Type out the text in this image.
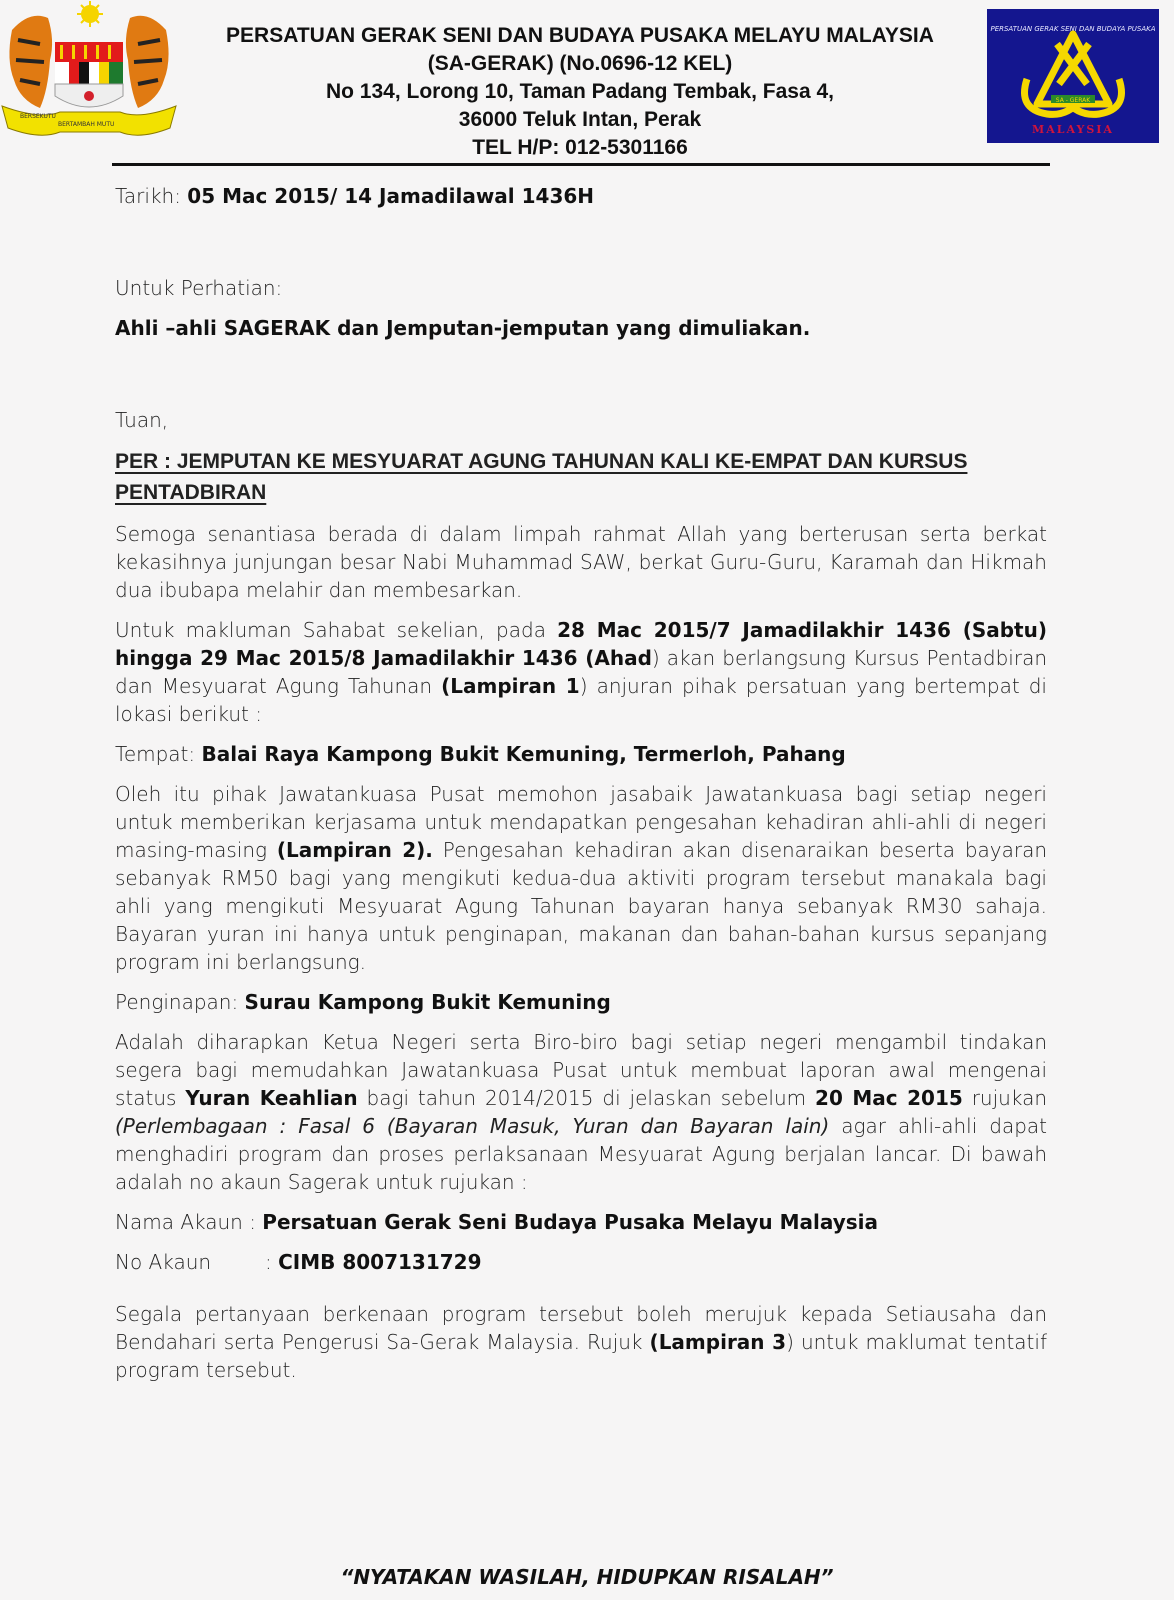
BERSEKUTU
BERTAMBAH MUTU
PERSATUAN GERAK SENI DAN BUDAYA PUSAKA
SA - GERAK
MALAYSIA
PERSATUAN GERAK SENI DAN BUDAYA PUSAKA MELAYU MALAYSIA
(SA-GERAK) (No.0696-12 KEL)
No 134, Lorong 10, Taman Padang Tembak, Fasa 4,
36000 Teluk Intan, Perak
TEL H/P: 012-5301166

Tarikh: 05 Mac 2015/ 14 Jamadilawal 1436H

Untuk Perhatian:

Ahli –ahli SAGERAK dan Jemputan-jemputan yang dimuliakan.

Tuan,

PER : JEMPUTAN KE MESYUARAT AGUNG TAHUNAN KALI KE-EMPAT DAN KURSUS
PENTADBIRAN

Semoga senantiasa berada di dalam limpah rahmat Allah yang berterusan serta berkat kekasihnya junjungan besar Nabi Muhammad SAW, berkat Guru-Guru, Karamah dan Hikmah dua ibubapa melahir dan membesarkan.

Untuk makluman Sahabat sekelian, pada 28 Mac 2015/7 Jamadilakhir 1436 (Sabtu) hingga 29 Mac 2015/8 Jamadilakhir 1436 (Ahad) akan berlangsung Kursus Pentadbiran dan Mesyuarat Agung Tahunan (Lampiran 1) anjuran pihak persatuan yang bertempat di lokasi berikut :

Tempat: Balai Raya Kampong Bukit Kemuning, Termerloh, Pahang

Oleh itu pihak Jawatankuasa Pusat memohon jasabaik Jawatankuasa bagi setiap negeri untuk memberikan kerjasama untuk mendapatkan pengesahan kehadiran ahli-ahli di negeri masing-masing (Lampiran 2). Pengesahan kehadiran akan disenaraikan beserta bayaran sebanyak RM50 bagi yang mengikuti kedua-dua aktiviti program tersebut manakala bagi ahli yang mengikuti Mesyuarat Agung Tahunan bayaran hanya sebanyak RM30 sahaja. Bayaran yuran ini hanya untuk penginapan, makanan dan bahan-bahan kursus sepanjang program ini berlangsung.

Penginapan: Surau Kampong Bukit Kemuning

Adalah diharapkan Ketua Negeri serta Biro-biro bagi setiap negeri mengambil tindakan segera bagi memudahkan Jawatankuasa Pusat untuk membuat laporan awal mengenai status Yuran Keahlian bagi tahun 2014/2015 di jelaskan sebelum 20 Mac 2015 rujukan (Perlembagaan : Fasal 6 (Bayaran Masuk, Yuran dan Bayaran lain) agar ahli-ahli dapat menghadiri program dan proses perlaksanaan Mesyuarat Agung berjalan lancar. Di bawah adalah no akaun Sagerak untuk rujukan :

Nama Akaun : Persatuan Gerak Seni Budaya Pusaka Melayu Malaysia

No Akaun	: CIMB 8007131729

Segala pertanyaan berkenaan program tersebut boleh merujuk kepada Setiausaha dan Bendahari serta Pengerusi Sa-Gerak Malaysia. Rujuk (Lampiran 3) untuk maklumat tentatif program tersebut.

“NYATAKAN WASILAH, HIDUPKAN RISALAH”
